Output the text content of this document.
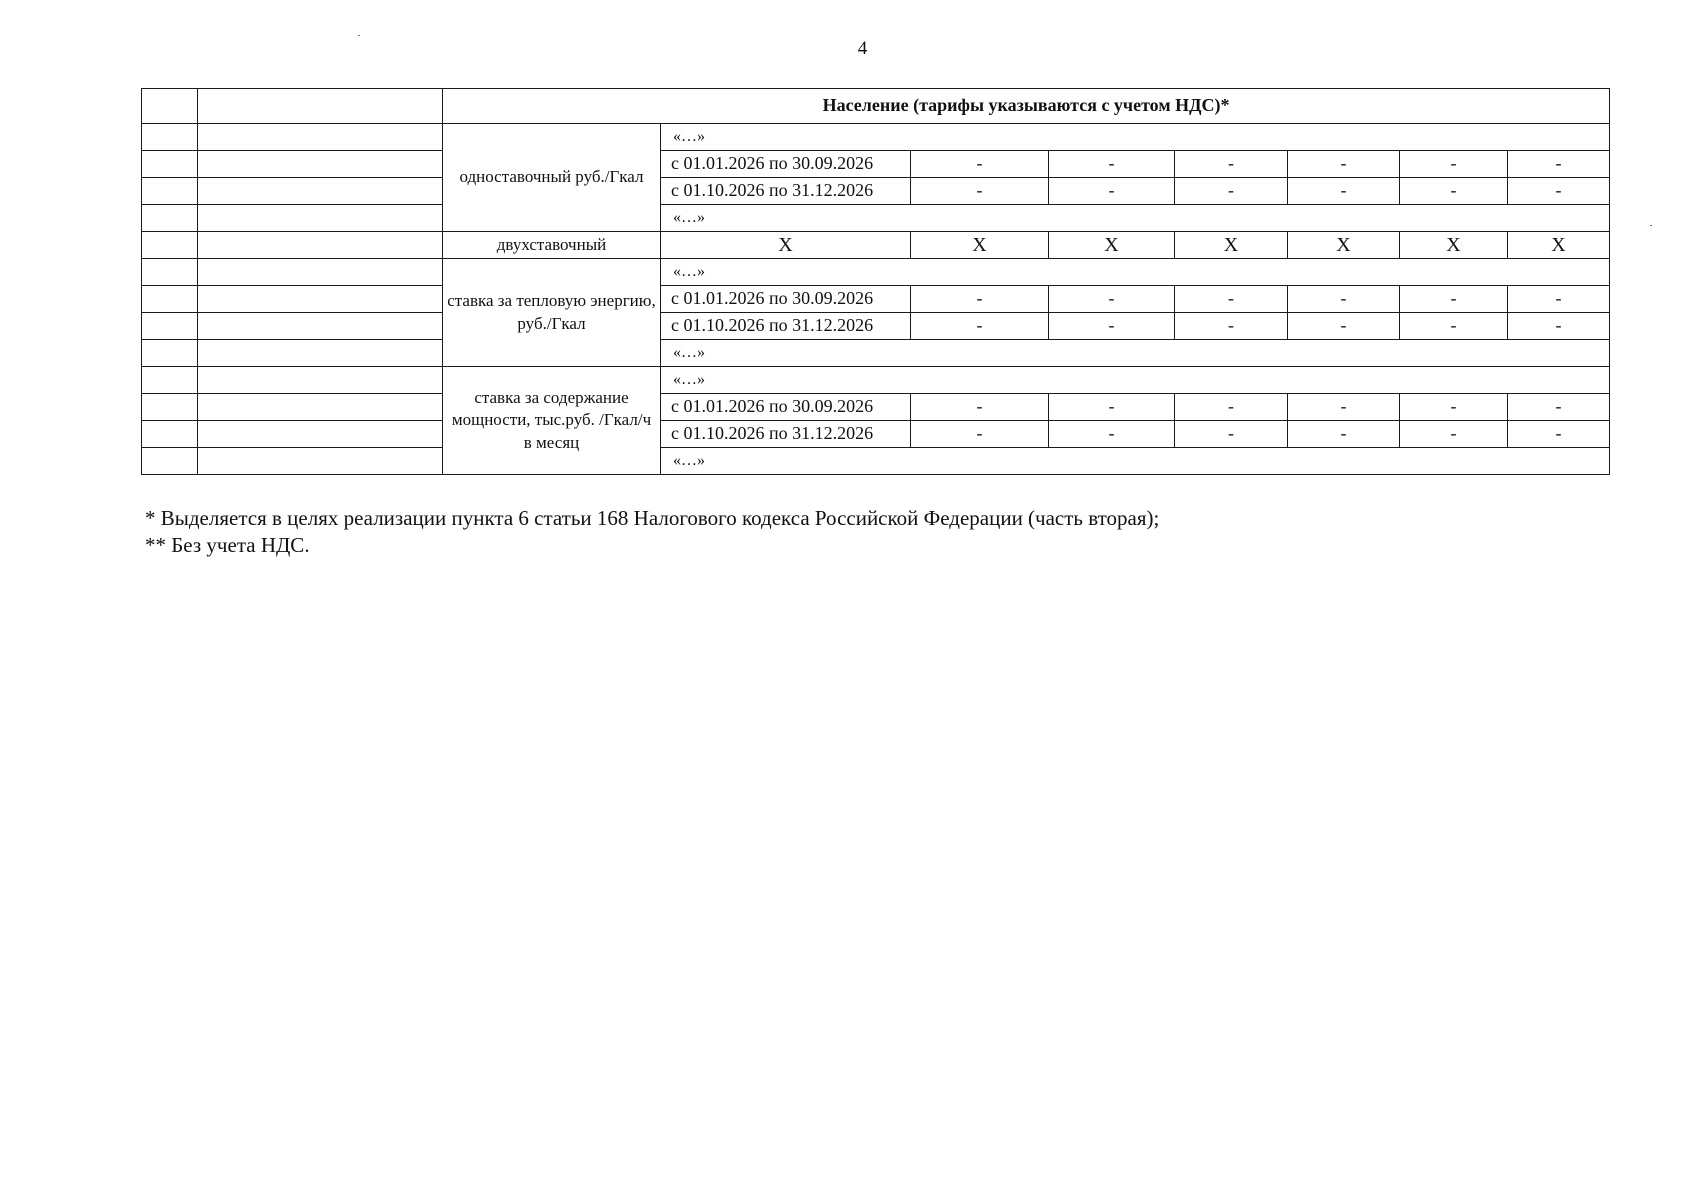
4
		Население (тарифы указываются с учетом НДС)*							
		одноставочный руб./Гкал	«…»						
			с 01.01.2026 по 30.09.2026	-	-	-	-	-	-
			с 01.10.2026 по 31.12.2026	-	-	-	-	-	-
			«…»						
		двухставочный	X	X	X	X	X	X	X
		ставка за тепловую энергию, руб./Гкал	«…»						
			с 01.01.2026 по 30.09.2026	-	-	-	-	-	-
			с 01.10.2026 по 31.12.2026	-	-	-	-	-	-
			«…»						
		ставка за содержание мощности, тыс.руб. /Гкал/ч в месяц	«…»						
			с 01.01.2026 по 30.09.2026	-	-	-	-	-	-
			с 01.10.2026 по 31.12.2026	-	-	-	-	-	-
			«…»						
* Выделяется в целях реализации пункта 6 статьи 168 Налогового кодекса Российской Федерации (часть вторая);
** Без учета НДС.
